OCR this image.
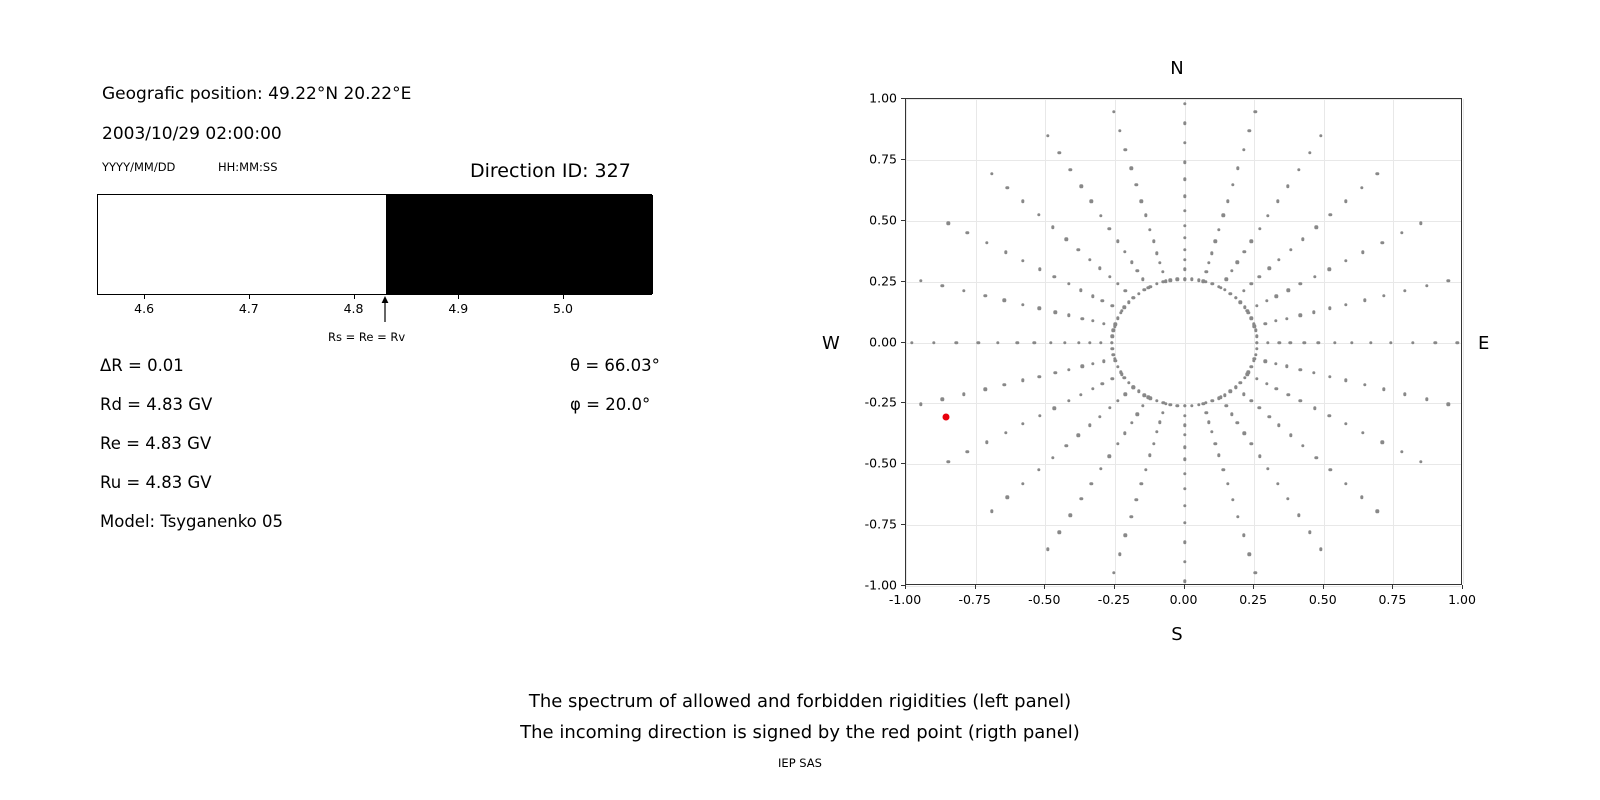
Geografic position: 49.22°N 20.22°E
2003/10/29 02:00:00
YYYY/MM/DD	HH:MM:SS	Direction ID: 327
4.6	4.7	4.8	4.9	5.0
Rs = Re = Rv
ΔR = 0.01
Rd = 4.83 GV
Re = 4.83 GV
Ru = 4.83 GV
Model: Tsyganenko 05
θ = 66.03°
φ = 20.0°
-1.00	-0.75	-0.50	-0.25	0.00	0.25	0.50	0.75	1.00
-1.00
-0.75
-0.50
-0.25
0.00
0.25
0.50
0.75
1.00
N
S
W	E
The spectrum of allowed and forbidden rigidities (left panel)
The incoming direction is signed by the red point (rigth panel)
IEP SAS
